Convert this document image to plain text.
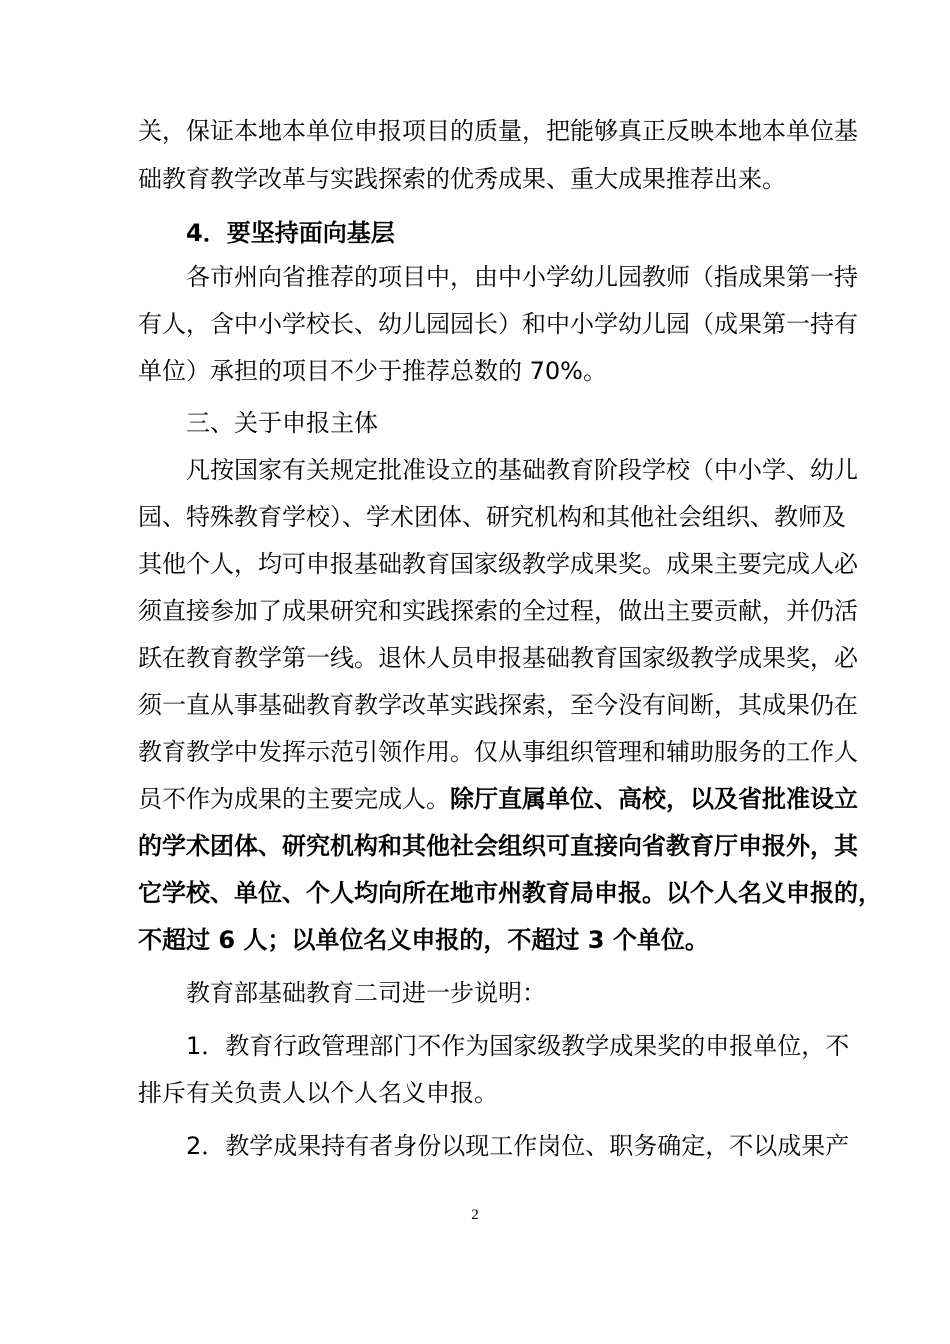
关，保证本地本单位申报项目的质量，把能够真正反映本地本单位基
础教育教学改革与实践探索的优秀成果、重大成果推荐出来。
4．要坚持面向基层
各市州向省推荐的项目中，由中小学幼儿园教师（指成果第一持
有人，含中小学校长、幼儿园园长）和中小学幼儿园（成果第一持有
单位）承担的项目不少于推荐总数的 70%。
三、关于申报主体
凡按国家有关规定批准设立的基础教育阶段学校（中小学、幼儿
园、特殊教育学校）、学术团体、研究机构和其他社会组织、教师及
其他个人，均可申报基础教育国家级教学成果奖。成果主要完成人必
须直接参加了成果研究和实践探索的全过程，做出主要贡献，并仍活
跃在教育教学第一线。退休人员申报基础教育国家级教学成果奖，必
须一直从事基础教育教学改革实践探索，至今没有间断，其成果仍在
教育教学中发挥示范引领作用。仅从事组织管理和辅助服务的工作人
员不作为成果的主要完成人。除厅直属单位、高校，以及省批准设立
的学术团体、研究机构和其他社会组织可直接向省教育厅申报外，其
它学校、单位、个人均向所在地市州教育局申报。以个人名义申报的，
不超过 6 人；以单位名义申报的，不超过 3 个单位。
教育部基础教育二司进一步说明：
1．教育行政管理部门不作为国家级教学成果奖的申报单位，不
排斥有关负责人以个人名义申报。
2．教学成果持有者身份以现工作岗位、职务确定，不以成果产
2
